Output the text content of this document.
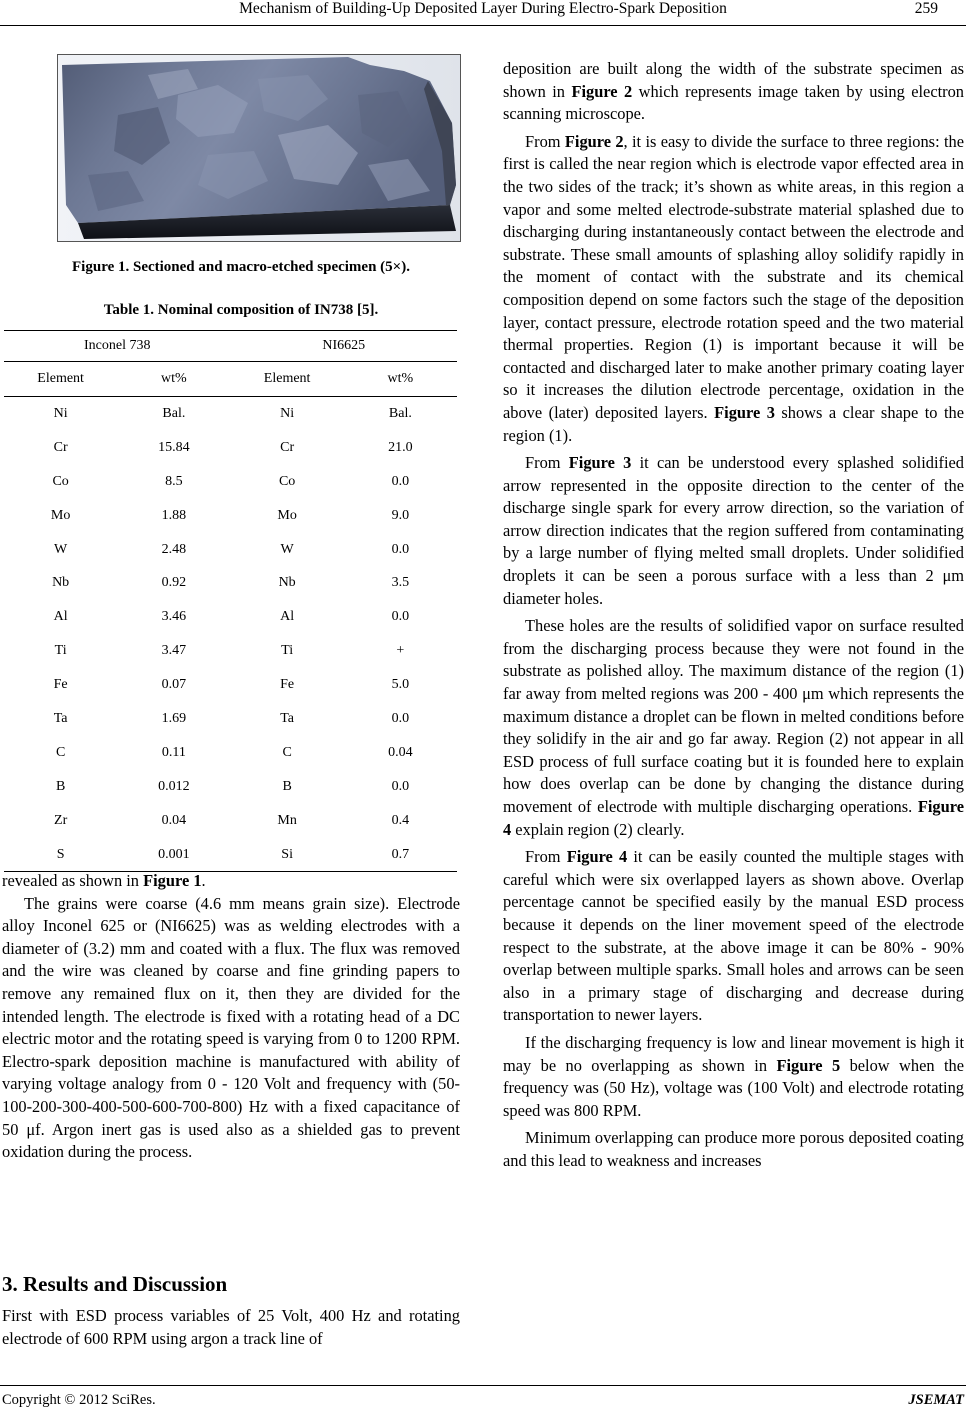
Mechanism of Building-Up Deposited Layer During Electro-Spark Deposition	259
Figure 1. Sectioned and macro-etched specimen (5×).
Table 1. Nominal composition of IN738 [5].
Inconel 738		NI6625	
Element	wt%	Element	wt%
Ni	Bal.	Ni	Bal.
Cr	15.84	Cr	21.0
Co	8.5	Co	0.0
Mo	1.88	Mo	9.0
W	2.48	W	0.0
Nb	0.92	Nb	3.5
Al	3.46	Al	0.0
Ti	3.47	Ti	+
Fe	0.07	Fe	5.0
Ta	1.69	Ta	0.0
C	0.11	C	0.04
B	0.012	B	0.0
Zr	0.04	Mn	0.4
S	0.001	Si	0.7

revealed as shown in Figure 1.

The grains were coarse (4.6 mm means grain size). Electrode alloy Inconel 625 or (NI6625) was as welding electrodes with a diameter of (3.2) mm and coated with a flux. The flux was removed and the wire was cleaned by coarse and fine grinding papers to remove any remained flux on it, then they are divided for the intended length. The electrode is fixed with a rotating head of a DC electric motor and the rotating speed is varying from 0 to 1200 RPM. Electro-spark deposition machine is manufactured with ability of varying voltage analogy from 0 - 120 Volt and frequency with (50-100-200-300-400-500-600-700-800) Hz with a fixed capacitance of 50 μf. Argon inert gas is used also as a shielded gas to prevent oxidation during the process.

3. Results and Discussion

First with ESD process variables of 25 Volt, 400 Hz and rotating electrode of 600 RPM using argon a track line of

deposition are built along the width of the substrate specimen as shown in Figure 2 which represents image taken by using electron scanning microscope.

From Figure 2, it is easy to divide the surface to three regions: the first is called the near region which is electrode vapor effected area in the two sides of the track; it’s shown as white areas, in this region a vapor and some melted electrode-substrate material splashed due to discharging during instantaneously contact between the electrode and substrate. These small amounts of splashing alloy solidify rapidly in the moment of contact with the substrate and its chemical composition depend on some factors such the stage of the deposition layer, contact pressure, electrode rotation speed and the two material thermal properties. Region (1) is important because it will be contacted and discharged later to make another primary coating layer so it increases the dilution electrode percentage, oxidation in the above (later) deposited layers. Figure 3 shows a clear shape to the region (1).

From Figure 3 it can be understood every splashed solidified arrow represented in the opposite direction to the center of the discharge single spark for every arrow direction, so the variation of arrow direction indicates that the region suffered from contaminating by a large number of flying melted small droplets. Under solidified droplets it can be seen a porous surface with a less than 2 μm diameter holes.

These holes are the results of solidified vapor on surface resulted from the discharging process because they were not found in the substrate as polished alloy. The maximum distance of the region (1) far away from melted regions was 200 - 400 μm which represents the maximum distance a droplet can be flown in melted conditions before they solidify in the air and go far away. Region (2) not appear in all ESD process of full surface coating but it is founded here to explain how does overlap can be done by changing the distance during movement of electrode with multiple discharging operations. Figure 4 explain region (2) clearly.

From Figure 4 it can be easily counted the multiple stages with careful which were six overlapped layers as shown above. Overlap percentage cannot be specified easily by the manual ESD process because it depends on the liner movement speed of the electrode respect to the substrate, at the above image it can be 80% - 90% overlap between multiple sparks. Small holes and arrows can be seen also in a primary stage of discharging and decrease during transportation to newer layers.

If the discharging frequency is low and linear movement is high it may be no overlapping as shown in Figure 5 below when the frequency was (50 Hz), voltage was (100 Volt) and electrode rotating speed was 800 RPM.

Minimum overlapping can produce more porous deposited coating and this lead to weakness and increases

Copyright © 2012 SciRes.	JSEMAT
